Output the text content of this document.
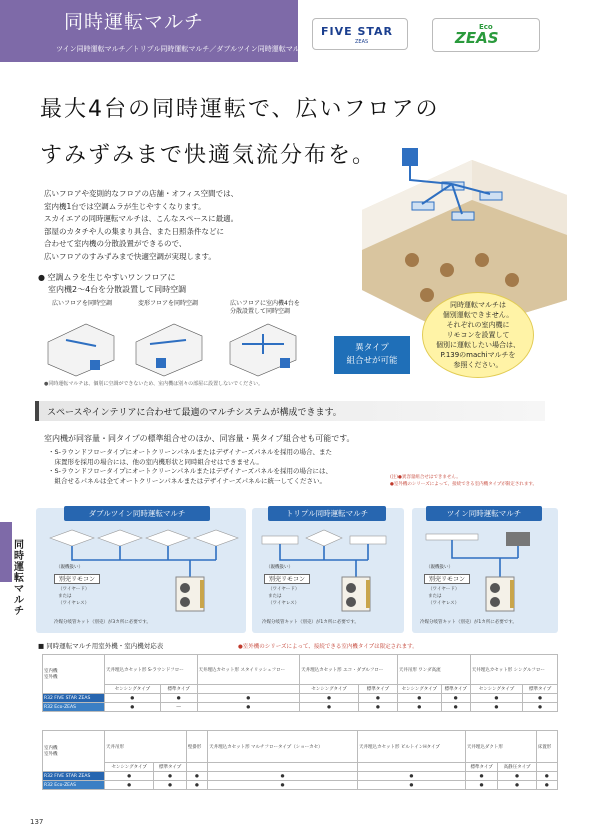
同時運転マルチ
ツイン同時運転マルチ／トリプル同時運転マルチ／ダブルツイン同時運転マルチ
FIVE STAR
ZEAS
Eco
ZEAS
最大4台の同時運転で、広いフロアの
すみずみまで快適気流分布を。
広いフロアや変則的なフロアの店舗・オフィス空間では、
室内機1台では空調ムラが生じやすくなります。
スカイエアの同時運転マルチは、こんなスペースに最適。
部屋のカタチや人の集まり具合、また日照条件などに
合わせて室内機の分散設置ができるので、
広いフロアのすみずみまで快適空調が実現します。
● 空調ムラを生じやすいワンフロアに
室内機2～4台を分散設置して同時空調
広いフロアを同時空調	変形フロアを同時空調	広いフロアに室内機4台を
分散設置して同時空調
●同時運転マルチは、個別に空調ができないため、室内機は別々の部屋に設置しないでください。
異タイプ
組合せが可能
同時運転マルチは
個別運転できません。
それぞれの室内機に
リモコンを設置して
個別に運転したい場合は、
P.139のmachiマルチを
参照ください。
スペースやインテリアに合わせて最適のマルチシステムが構成できます。
室内機が同容量・同タイプの標準組合せのほか、同容量・異タイプ組合せも可能です。
・S-ラウンドフロータイプにオートクリーンパネルまたはデザイナーズパネルを採用の場合、また
　床置形を採用の場合には、他の室内機形状と同時組合せはできません。
・S-ラウンドフロータイプにオートクリーンパネルまたはデザイナーズパネルを採用の場合には、
　組合せるパネルは全てオートクリーンパネルまたはデザイナーズパネルに統一してください。	(注)●異容量組合せはできません。
●室外機のシリーズによって、接続できる室内機タイプが限定されます。
同時運転マルチ
ダブルツイン同時運転マルチ
（親機扱い）
別売リモコン
（ワイヤード）
または
（ワイヤレス）
冷媒分岐管キット（別売）が3カ所に必要です。
トリプル同時運転マルチ
（親機扱い）
別売リモコン
（ワイヤード）
または
（ワイヤレス）
冷媒分岐管キット（別売）が1カ所に必要です。
ツイン同時運転マルチ
（親機扱い）
別売リモコン
（ワイヤード）
または
（ワイヤレス）
冷媒分岐管キット（別売）が1カ所に必要です。
■ 同時運転マルチ用室外機・室内機対応表	●室外機のシリーズによって、接続できる室内機タイプは限定されます。
室内機
室外機	天井埋込カセット形 S-ラウンドフロー		天井埋込カセット形 スタイリッシュフロー	天井埋込カセット形 エコ・ダブルフロー		天井吊形 ワンダ高流		天井埋込カセット形 シングルフロー	
	センシングタイプ	標準タイプ		センシングタイプ	標準タイプ	センシングタイプ	標準タイプ	センシングタイプ	標準タイプ
R32 FIVE STAR ZEAS	●	●	●	●	●	●	●	●	●
R32 Eco-ZEAS	●	―	●	●	●	●	●	●	●
室内機
室外機	天井吊形		壁掛形	天井埋込カセット形 マルチフロータイプ（ショーカセ）	天井埋込カセット形 ビルトインHタイプ	天井埋込ダクト形		床置形
	センシングタイプ	標準タイプ				標準タイプ	高静圧タイプ	
R32 FIVE STAR ZEAS	●	●	●	●	●	●	●	●
R32 Eco-ZEAS	●	●	●	●	●	●	●	●
137
